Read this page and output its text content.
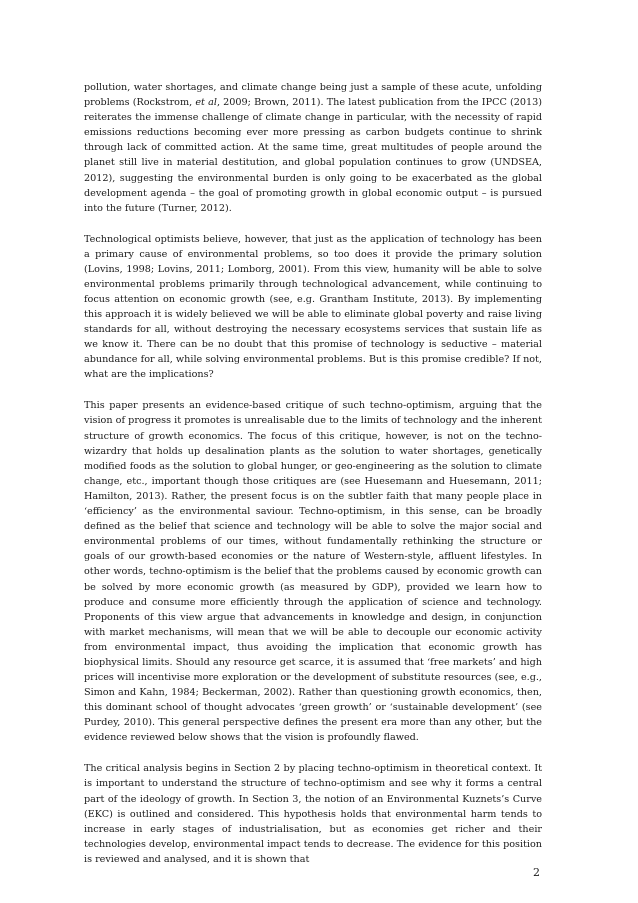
pollution, water shortages, and climate change being just a sample of these acute, unfolding problems (Rockstrom, et al, 2009; Brown, 2011). The latest publication from the IPCC (2013) reiterates the immense challenge of climate change in particular, with the necessity of rapid emissions reductions becoming ever more pressing as carbon budgets continue to shrink through lack of committed action. At the same time, great multitudes of people around the planet still live in material destitution, and global population continues to grow (UNDSEA, 2012), suggesting the environmental burden is only going to be exacerbated as the global development agenda – the goal of promoting growth in global economic output – is pursued into the future (Turner, 2012).

Technological optimists believe, however, that just as the application of technology has been a primary cause of environmental problems, so too does it provide the primary solution (Lovins, 1998; Lovins, 2011; Lomborg, 2001). From this view, humanity will be able to solve environmental problems primarily through technological advancement, while continuing to focus attention on economic growth (see, e.g. Grantham Institute, 2013). By implementing this approach it is widely believed we will be able to eliminate global poverty and raise living standards for all, without destroying the necessary ecosystems services that sustain life as we know it. There can be no doubt that this promise of technology is seductive – material abundance for all, while solving environmental problems. But is this promise credible? If not, what are the implications?

This paper presents an evidence-based critique of such techno-optimism, arguing that the vision of progress it promotes is unrealisable due to the limits of technology and the inherent structure of growth economics. The focus of this critique, however, is not on the techno-wizardry that holds up desalination plants as the solution to water shortages, genetically modified foods as the solution to global hunger, or geo-engineering as the solution to climate change, etc., important though those critiques are (see Huesemann and Huesemann, 2011; Hamilton, 2013). Rather, the present focus is on the subtler faith that many people place in ‘efficiency’ as the environmental saviour. Techno-optimism, in this sense, can be broadly defined as the belief that science and technology will be able to solve the major social and environmental problems of our times, without fundamentally rethinking the structure or goals of our growth-based economies or the nature of Western-style, affluent lifestyles. In other words, techno-optimism is the belief that the problems caused by economic growth can be solved by more economic growth (as measured by GDP), provided we learn how to produce and consume more efficiently through the application of science and technology. Proponents of this view argue that advancements in knowledge and design, in conjunction with market mechanisms, will mean that we will be able to decouple our economic activity from environmental impact, thus avoiding the implication that economic growth has biophysical limits. Should any resource get scarce, it is assumed that ‘free markets’ and high prices will incentivise more exploration or the development of substitute resources (see, e.g., Simon and Kahn, 1984; Beckerman, 2002). Rather than questioning growth economics, then, this dominant school of thought advocates ‘green growth’ or ‘sustainable development’ (see Purdey, 2010). This general perspective defines the present era more than any other, but the evidence reviewed below shows that the vision is profoundly flawed.

The critical analysis begins in Section 2 by placing techno-optimism in theoretical context. It is important to understand the structure of techno-optimism and see why it forms a central part of the ideology of growth. In Section 3, the notion of an Environmental Kuznets’s Curve (EKC) is outlined and considered. This hypothesis holds that environmental harm tends to increase in early stages of industrialisation, but as economies get richer and their technologies develop, environmental impact tends to decrease. The evidence for this position is reviewed and analysed, and it is shown that

2
